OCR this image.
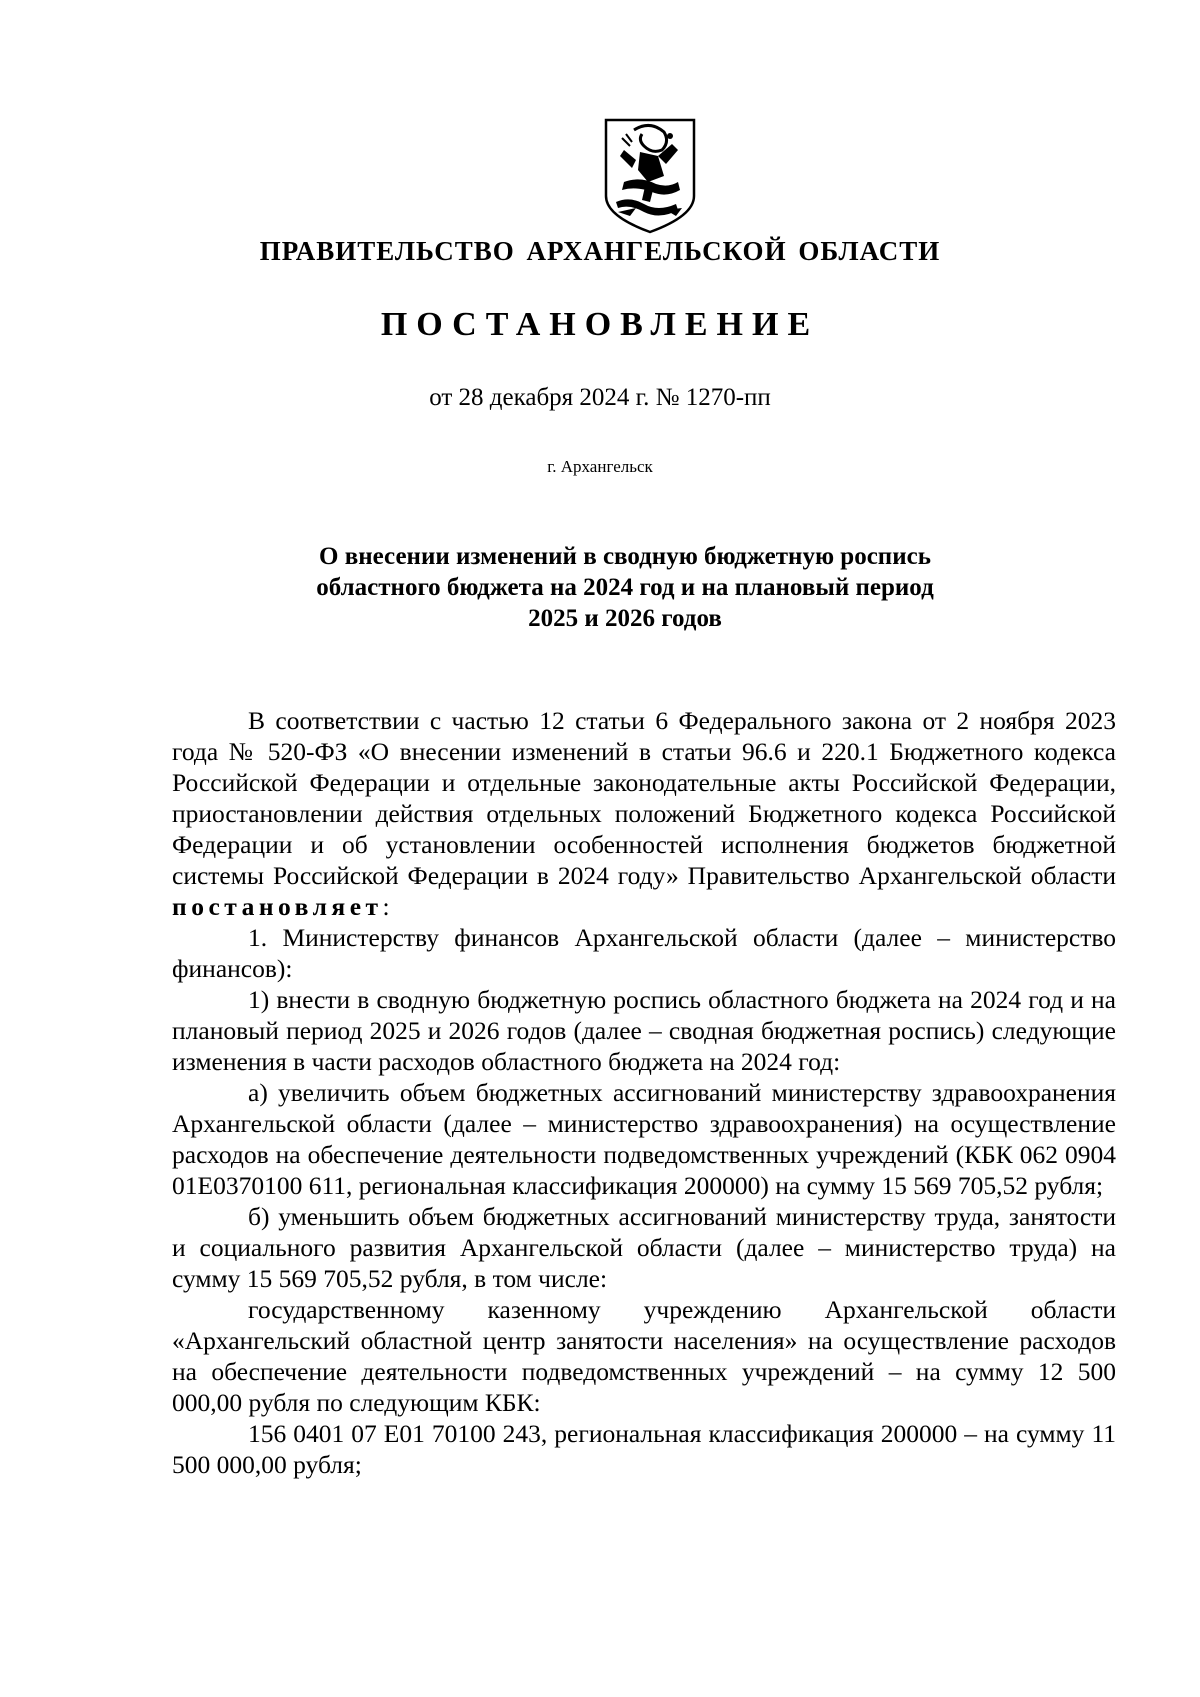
ПРАВИТЕЛЬСТВО АРХАНГЕЛЬСКОЙ ОБЛАСТИ
ПОСТАНОВЛЕНИЕ
от 28 декабря 2024 г. № 1270-пп
г. Архангельск
О внесении изменений в сводную бюджетную роспись
областного бюджета на 2024 год и на плановый период
2025 и 2026 годов

В соответствии с частью 12 статьи 6 Федерального закона от 2 ноября 2023 года № 520-ФЗ «О внесении изменений в статьи 96.6 и 220.1 Бюджетного кодекса Российской Федерации и отдельные законодательные акты Российской Федерации, приостановлении действия отдельных положений Бюджетного кодекса Российской Федерации и об установлении особенностей исполнения бюджетов бюджетной системы Российской Федерации в 2024 году» Правительство Архангельской области постановляет:

1. Министерству финансов Архангельской области (далее – министерство финансов):

1) внести в сводную бюджетную роспись областного бюджета на 2024 год и на плановый период 2025 и 2026 годов (далее – сводная бюджетная роспись) следующие изменения в части расходов областного бюджета на 2024 год:

а) увеличить объем бюджетных ассигнований министерству здравоохранения Архангельской области (далее – министерство здравоохранения) на осуществление расходов на обеспечение деятельности подведомственных учреждений (КБК 062 0904 01Е0370100 611, региональная классификация 200000) на сумму 15 569 705,52 рубля;

б) уменьшить объем бюджетных ассигнований министерству труда, занятости и социального развития Архангельской области (далее – министерство труда) на сумму 15 569 705,52 рубля, в том числе:

государственному казенному учреждению Архангельской области «Архангельский областной центр занятости населения» на осуществление расходов на обеспечение деятельности подведомственных учреждений – на сумму 12 500 000,00 рубля по следующим КБК:

156 0401 07 Е01 70100 243, региональная классификация 200000 – на сумму 11 500 000,00 рубля;
